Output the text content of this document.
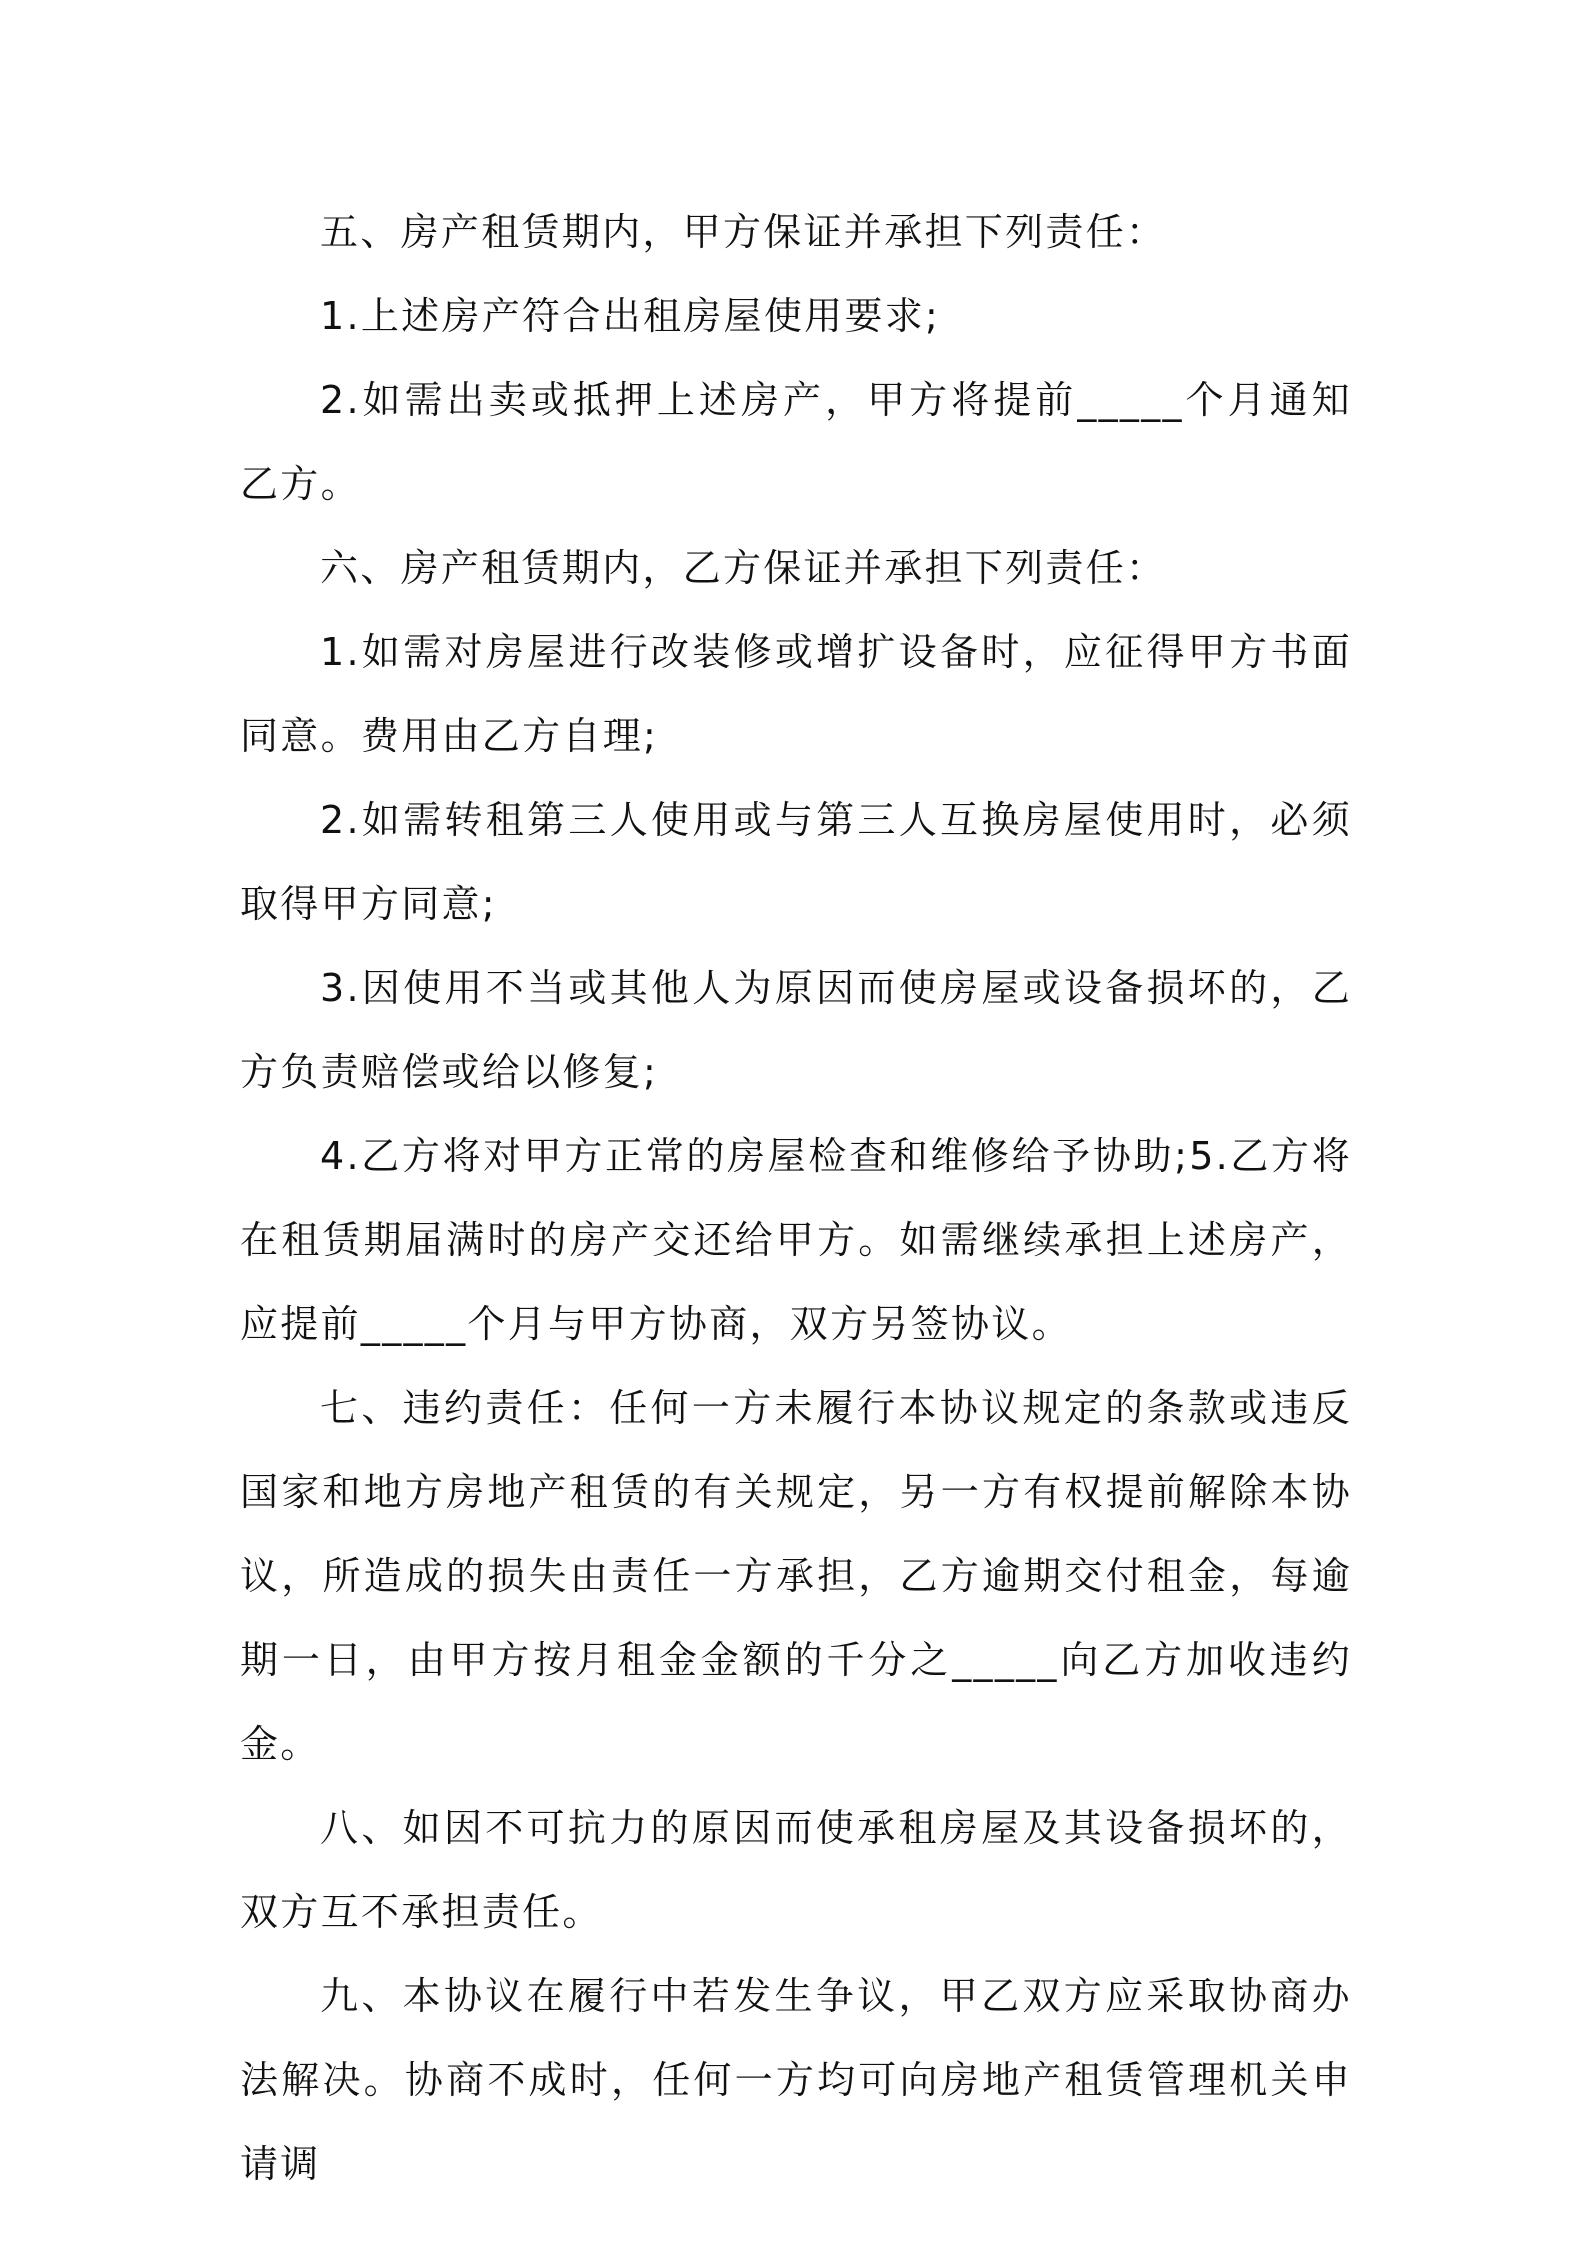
五、房产租赁期内，甲方保证并承担下列责任：

1.上述房产符合出租房屋使用要求;

2.如需出卖或抵押上述房产，甲方将提前_____个月通知乙方。

六、房产租赁期内，乙方保证并承担下列责任：

1.如需对房屋进行改装修或增扩设备时，应征得甲方书面同意。费用由乙方自理;

2.如需转租第三人使用或与第三人互换房屋使用时，必须取得甲方同意;

3.因使用不当或其他人为原因而使房屋或设备损坏的，乙方负责赔偿或给以修复;

4.乙方将对甲方正常的房屋检查和维修给予协助;5.乙方将在租赁期届满时的房产交还给甲方。如需继续承担上述房产，应提前_____个月与甲方协商，双方另签协议。

七、违约责任：任何一方未履行本协议规定的条款或违反国家和地方房地产租赁的有关规定，另一方有权提前解除本协议，所造成的损失由责任一方承担，乙方逾期交付租金，每逾期一日，由甲方按月租金金额的千分之_____向乙方加收违约金。

八、如因不可抗力的原因而使承租房屋及其设备损坏的，双方互不承担责任。

九、本协议在履行中若发生争议，甲乙双方应采取协商办法解决。协商不成时，任何一方均可向房地产租赁管理机关申请调
